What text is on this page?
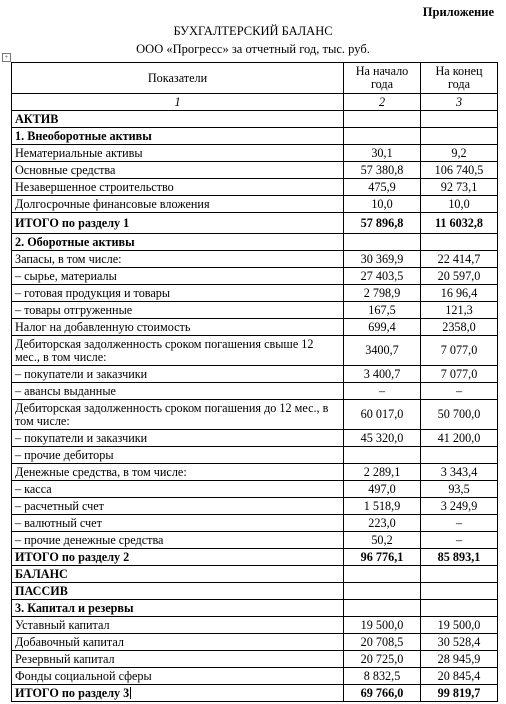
Приложение
БУХГАЛТЕРСКИЙ БАЛАНС
ООО «Прогресс» за отчетный год, тыс. руб.
+
Показатели	На начало года	На конец года
1	2	3
АКТИВ		
1. Внеоборотные активы		
Нематериальные активы	30,1	9,2
Основные средства	57 380,8	106 740,5
Незавершенное строительство	475,9	92 73,1
Долгосрочные финансовые вложения	10,0	10,0
ИТОГО по разделу 1	57 896,8	11 6032,8
2. Оборотные активы		
Запасы, в том числе:	30 369,9	22 414,7
– сырье, материалы	27 403,5	20 597,0
– готовая продукция и товары	2 798,9	16 96,4
– товары отгруженные	167,5	121,3
Налог на добавленную стоимость	699,4	2358,0
Дебиторская задолженность сроком погашения свыше 12 мес., в том числе:	3400,7	7 077,0
– покупатели и заказчики	3 400,7	7 077,0
– авансы выданные	–	–
Дебиторская задолженность сроком погашения до 12 мес., в том числе:	60 017,0	50 700,0
– покупатели и заказчики	45 320,0	41 200,0
– прочие дебиторы		
Денежные средства, в том числе:	2 289,1	3 343,4
– касса	497,0	93,5
– расчетный счет	1 518,9	3 249,9
– валютный счет	223,0	–
– прочие денежные средства	50,2	–
ИТОГО по разделу 2	96 776,1	85 893,1
БАЛАНС		
ПАССИВ		
3. Капитал и резервы		
Уставный капитал	19 500,0	19 500,0
Добавочный капитал	20 708,5	30 528,4
Резервный капитал	20 725,0	28 945,9
Фонды социальной сферы	8 832,5	20 845,4
ИТОГО по разделу 3	69 766,0	99 819,7
